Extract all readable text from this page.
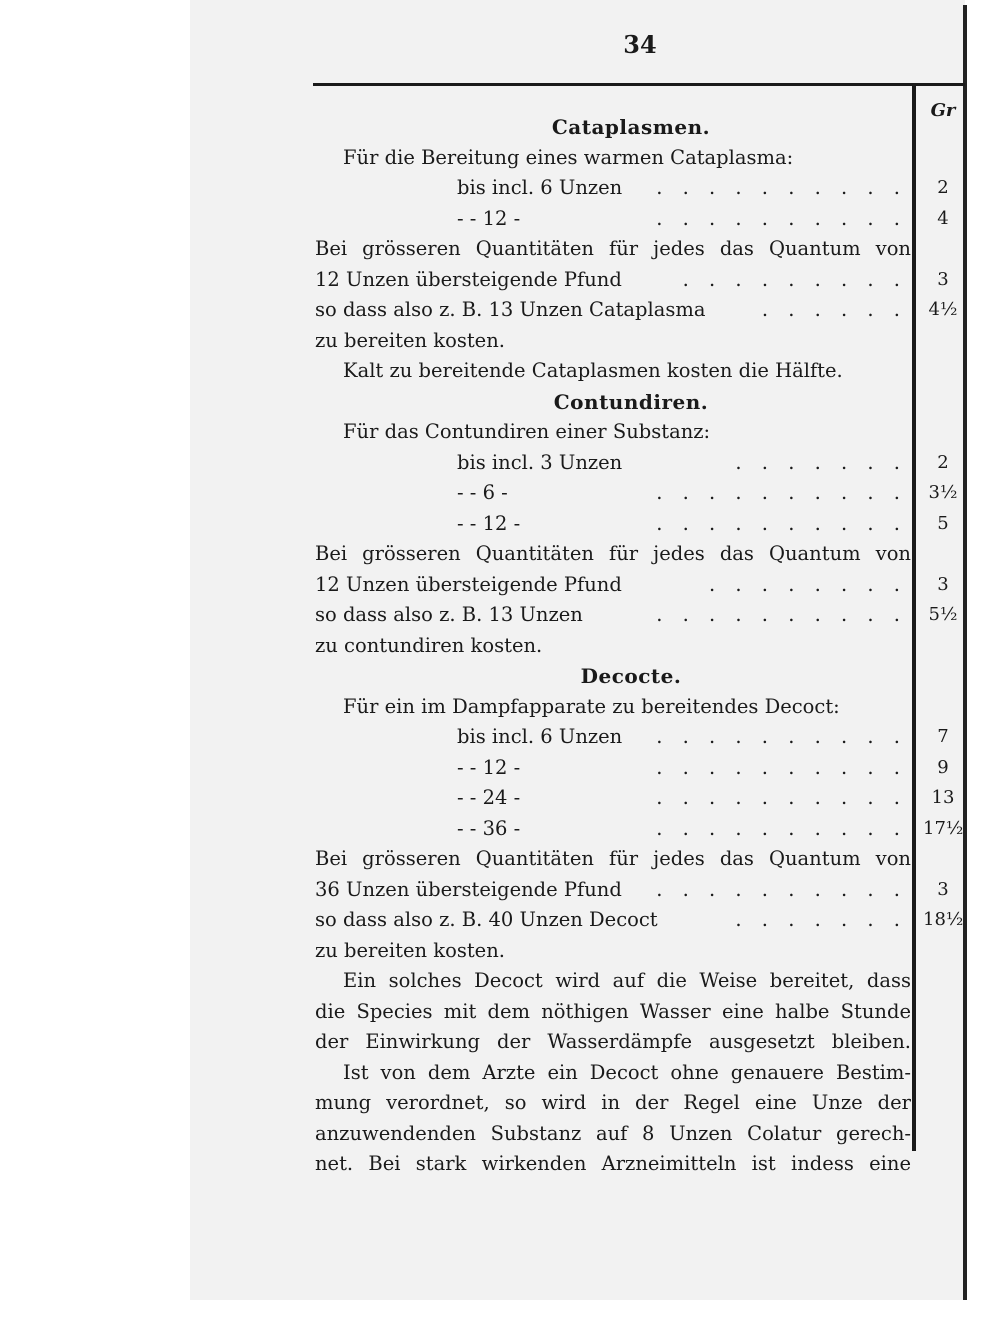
34
Gr
Cataplasmen.
Für die Bereitung eines warmen Cataplasma:
bis incl. 6 Unzen . . . . . . . . . .	2
- - 12 -	. . . . . . . . . .	4
Bei grösseren Quantitäten für jedes das Quantum von
12 Unzen übersteigende Pfund	. . . . . . . . .	3
so dass also z. B. 13 Unzen Cataplasma	. . . . . .	4½
zu bereiten kosten.
Kalt zu bereitende Cataplasmen kosten die Hälfte.
Contundiren.
Für das Contundiren einer Substanz:
bis incl. 3 Unzen	. . . . . . .	2
- - 6 -	. . . . . . . . . .	3½
- - 12 -	. . . . . . . . . .	5
Bei grösseren Quantitäten für jedes das Quantum von
12 Unzen übersteigende Pfund	. . . . . . . .	3
so dass also z. B. 13 Unzen	. . . . . . . . . .	5½
zu contundiren kosten.
Decocte.
Für ein im Dampfapparate zu bereitendes Decoct:
bis incl. 6 Unzen . . . . . . . . . .	7
- - 12 -	. . . . . . . . . .	9
- - 24 -	. . . . . . . . . .	13
- - 36 -	. . . . . . . . . . 17½
Bei grösseren Quantitäten für jedes das Quantum von
36 Unzen übersteigende Pfund . . . . . . . . . .	3
so dass also z. B. 40 Unzen Decoct	. . . . . . . 18½
zu bereiten kosten.
Ein solches Decoct wird auf die Weise bereitet, dass
die Species mit dem nöthigen Wasser eine halbe Stunde
der Einwirkung der Wasserdämpfe ausgesetzt bleiben.
Ist von dem Arzte ein Decoct ohne genauere Bestim-
mung verordnet, so wird in der Regel eine Unze der
anzuwendenden Substanz auf 8 Unzen Colatur gerech-
net. Bei stark wirkenden Arzneimitteln ist indess eine
